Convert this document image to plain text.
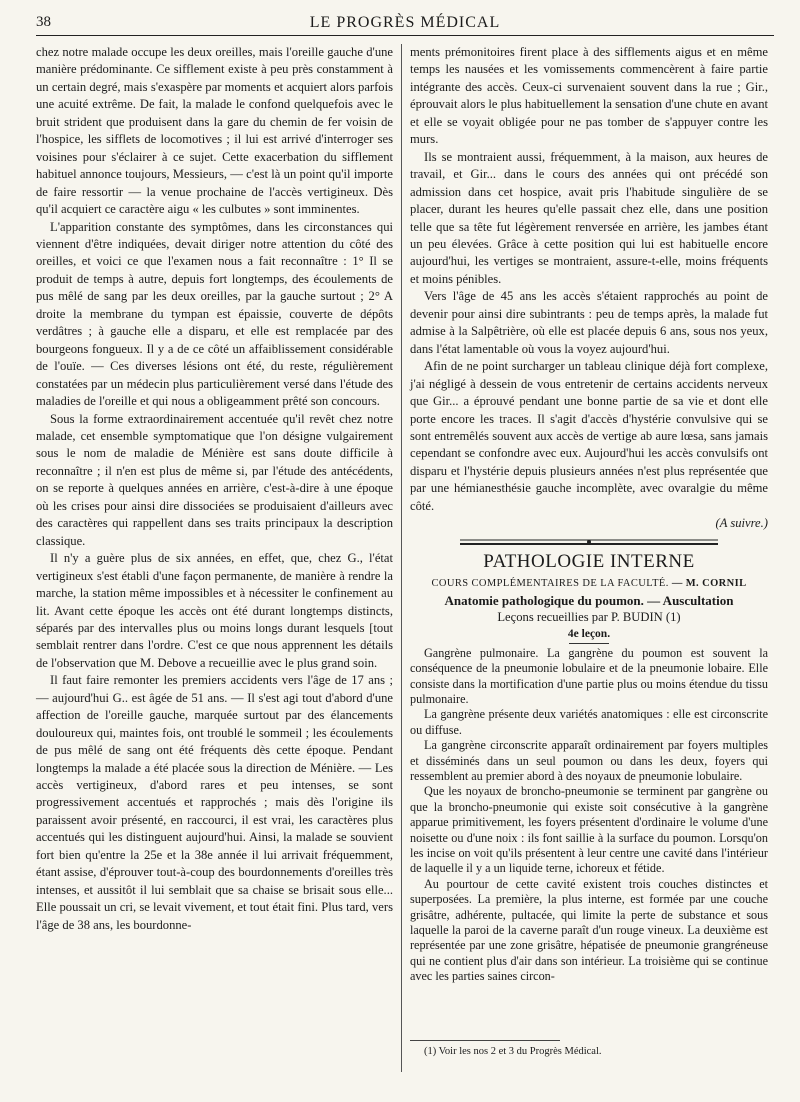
38	LE PROGRÈS MÉDICAL

chez notre malade occupe les deux oreilles, mais l'oreille gauche d'une manière prédominante. Ce sifflement existe à peu près constamment à un certain degré, mais s'exaspère par moments et acquiert alors parfois une acuité extrême. De fait, la malade le confond quelquefois avec le bruit strident que produisent dans la gare du chemin de fer voisin de l'hospice, les sifflets de locomotives ; il lui est arrivé d'interroger ses voisines pour s'éclairer à ce sujet. Cette exacerbation du sifflement habituel annonce toujours, Messieurs, — c'est là un point qu'il importe de faire ressortir — la venue prochaine de l'accès vertigineux. Dès qu'il acquiert ce caractère aigu « les culbutes » sont imminentes.

L'apparition constante des symptômes, dans les circonstances qui viennent d'être indiquées, devait diriger notre attention du côté des oreilles, et voici ce que l'examen nous a fait reconnaître : 1° Il se produit de temps à autre, depuis fort longtemps, des écoulements de pus mêlé de sang par les deux oreilles, par la gauche surtout ; 2° A droite la membrane du tympan est épaissie, couverte de dépôts verdâtres ; à gauche elle a disparu, et elle est remplacée par des bourgeons fongueux. Il y a de ce côté un affaiblissement considérable de l'ouïe. — Ces diverses lésions ont été, du reste, régulièrement constatées par un médecin plus particulièrement versé dans l'étude des maladies de l'oreille et qui nous a obligeamment prêté son concours.

Sous la forme extraordinairement accentuée qu'il revêt chez notre malade, cet ensemble symptomatique que l'on désigne vulgairement sous le nom de maladie de Ménière est sans doute difficile à reconnaître ; il n'en est plus de même si, par l'étude des antécédents, on se reporte à quelques années en arrière, c'est-à-dire à une époque où les crises pour ainsi dire dissociées se produisaient d'ailleurs avec des caractères qui rappellent dans ses traits principaux la description classique.

Il n'y a guère plus de six années, en effet, que, chez G., l'état vertigineux s'est établi d'une façon permanente, de manière à rendre la marche, la station même impossibles et à nécessiter le confinement au lit. Avant cette époque les accès ont été durant longtemps distincts, séparés par des intervalles plus ou moins longs durant lesquels [tout semblait rentrer dans l'ordre. C'est ce que nous apprennent les détails de l'observation que M. Debove a recueillie avec le plus grand soin.

Il faut faire remonter les premiers accidents vers l'âge de 17 ans ; — aujourd'hui G.. est âgée de 51 ans. — Il s'est agi tout d'abord d'une affection de l'oreille gauche, marquée surtout par des élancements douloureux qui, maintes fois, ont troublé le sommeil ; les écoulements de pus mêlé de sang ont été fréquents dès cette époque. Pendant longtemps la malade a été placée sous la direction de Ménière. — Les accès vertigineux, d'abord rares et peu intenses, se sont progressivement accentués et rapprochés ; mais dès l'origine ils paraissent avoir présenté, en raccourci, il est vrai, les caractères plus accentués qui les distinguent aujourd'hui. Ainsi, la malade se souvient fort bien qu'entre la 25e et la 38e année il lui arrivait fréquemment, étant assise, d'éprouver tout-à-coup des bourdonnements d'oreilles très intenses, et aussitôt il lui semblait que sa chaise se brisait sous elle... Elle poussait un cri, se levait vivement, et tout était fini. Plus tard, vers l'âge de 38 ans, les bourdonne-

ments prémonitoires firent place à des sifflements aigus et en même temps les nausées et les vomissements commencèrent à faire partie intégrante des accès. Ceux-ci survenaient souvent dans la rue ; Gir., éprouvait alors le plus habituellement la sensation d'une chute en avant et elle se voyait obligée pour ne pas tomber de s'appuyer contre les murs.

Ils se montraient aussi, fréquemment, à la maison, aux heures de travail, et Gir... dans le cours des années qui ont précédé son admission dans cet hospice, avait pris l'habitude singulière de se placer, durant les heures qu'elle passait chez elle, dans une position telle que sa tête fut légèrement renversée en arrière, les jambes étant un peu élevées. Grâce à cette position qui lui est habituelle encore aujourd'hui, les vertiges se montraient, assure-t-elle, moins fréquents et moins pénibles.

Vers l'âge de 45 ans les accès s'étaient rapprochés au point de devenir pour ainsi dire subintrants : peu de temps après, la malade fut admise à la Salpêtrière, où elle est placée depuis 6 ans, sous nos yeux, dans l'état lamentable où vous la voyez aujourd'hui.

Afin de ne point surcharger un tableau clinique déjà fort complexe, j'ai négligé à dessein de vous entretenir de certains accidents nerveux que Gir... a éprouvé pendant une bonne partie de sa vie et dont elle porte encore les traces. Il s'agit d'accès d'hystérie convulsive qui se sont entremêlés souvent aux accès de vertige ab aure lœsa, sans jamais cependant se confondre avec eux. Aujourd'hui les accès convulsifs ont disparu et l'hystérie depuis plusieurs années n'est plus représentée que par une hémianesthésie gauche incomplète, avec ovaralgie du même côté.

(A suivre.)
PATHOLOGIE INTERNE
COURS COMPLÉMENTAIRES DE LA FACULTÉ. — M. CORNIL
Anatomie pathologique du poumon. — Auscultation
Leçons recueillies par P. BUDIN (1)
4e leçon.

Gangrène pulmonaire. La gangrène du poumon est souvent la conséquence de la pneumonie lobulaire et de la pneumonie lobaire. Elle consiste dans la mortification d'une partie plus ou moins étendue du tissu pulmonaire.

La gangrène présente deux variétés anatomiques : elle est circonscrite ou diffuse.

La gangrène circonscrite apparaît ordinairement par foyers multiples et disséminés dans un seul poumon ou dans les deux, foyers qui ressemblent au premier abord à des noyaux de pneumonie lobulaire.

Que les noyaux de broncho-pneumonie se terminent par gangrène ou que la broncho-pneumonie qui existe soit consécutive à la gangrène apparue primitivement, les foyers présentent d'ordinaire le volume d'une noisette ou d'une noix : ils font saillie à la surface du poumon. Lorsqu'on les incise on voit qu'ils présentent à leur centre une cavité dans l'intérieur de laquelle il y a un liquide terne, ichoreux et fétide.

Au pourtour de cette cavité existent trois couches distinctes et superposées. La première, la plus interne, est formée par une couche grisâtre, adhérente, pultacée, qui limite la perte de substance et sous laquelle la paroi de la caverne paraît d'un rouge vineux. La deuxième est représentée par une zone grisâtre, hépatisée de pneumonie grangréneuse qui ne contient plus d'air dans son intérieur. La troisième qui se continue avec les parties saines circon-

(1) Voir les nos 2 et 3 du Progrès Médical.
